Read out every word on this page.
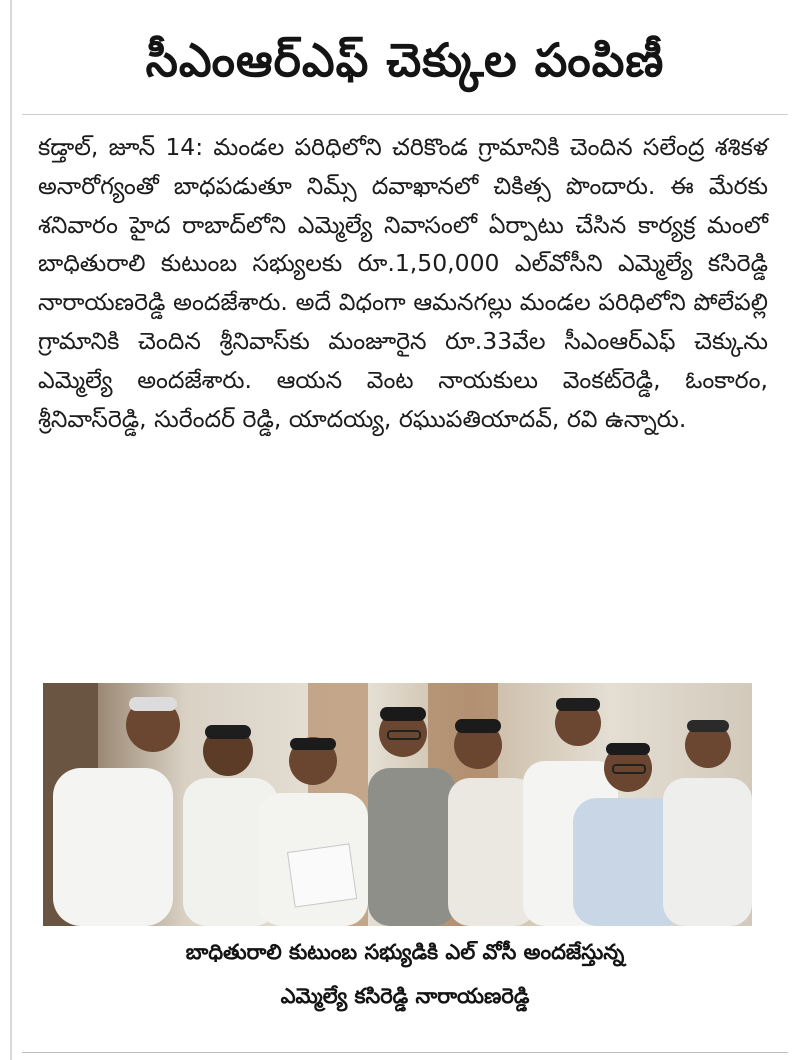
సీఎంఆర్ఎఫ్ చెక్కుల పంపిణీ
కడ్తాల్, జూన్ 14: మండల పరిధిలోని చరికొండ గ్రామానికి చెందిన సలేంద్ర శశికళ అనారోగ్యంతో బాధపడుతూ నిమ్స్ దవాఖానలో చికిత్స పొందారు. ఈ మేరకు శనివారం హైద రాబాద్‌లోని ఎమ్మెల్యే నివాసంలో ఏర్పాటు చేసిన కార్యక్ర మంలో బాధితురాలి కుటుంబ సభ్యులకు రూ.1,50,000 ఎల్‌వోసీని ఎమ్మెల్యే కసిరెడ్డి నారాయణరెడ్డి అందజేశారు. అదే విధంగా ఆమనగల్లు మండల పరిధిలోని పోలేపల్లి గ్రామానికి చెందిన శ్రీనివాస్‌కు మంజూరైన రూ.33వేల సీఎంఆర్ఎఫ్ చెక్కును ఎమ్మెల్యే అందజేశారు. ఆయన వెంట నాయకులు వెంకట్‌రెడ్డి, ఓంకారం, శ్రీనివాస్‌రెడ్డి, సురేందర్ రెడ్డి, యాదయ్య, రఘుపతియాదవ్, రవి ఉన్నారు.
బాధితురాలి కుటుంబ సభ్యుడికి ఎల్ వోసీ అందజేస్తున్న
ఎమ్మెల్యే కసిరెడ్డి నారాయణరెడ్డి
